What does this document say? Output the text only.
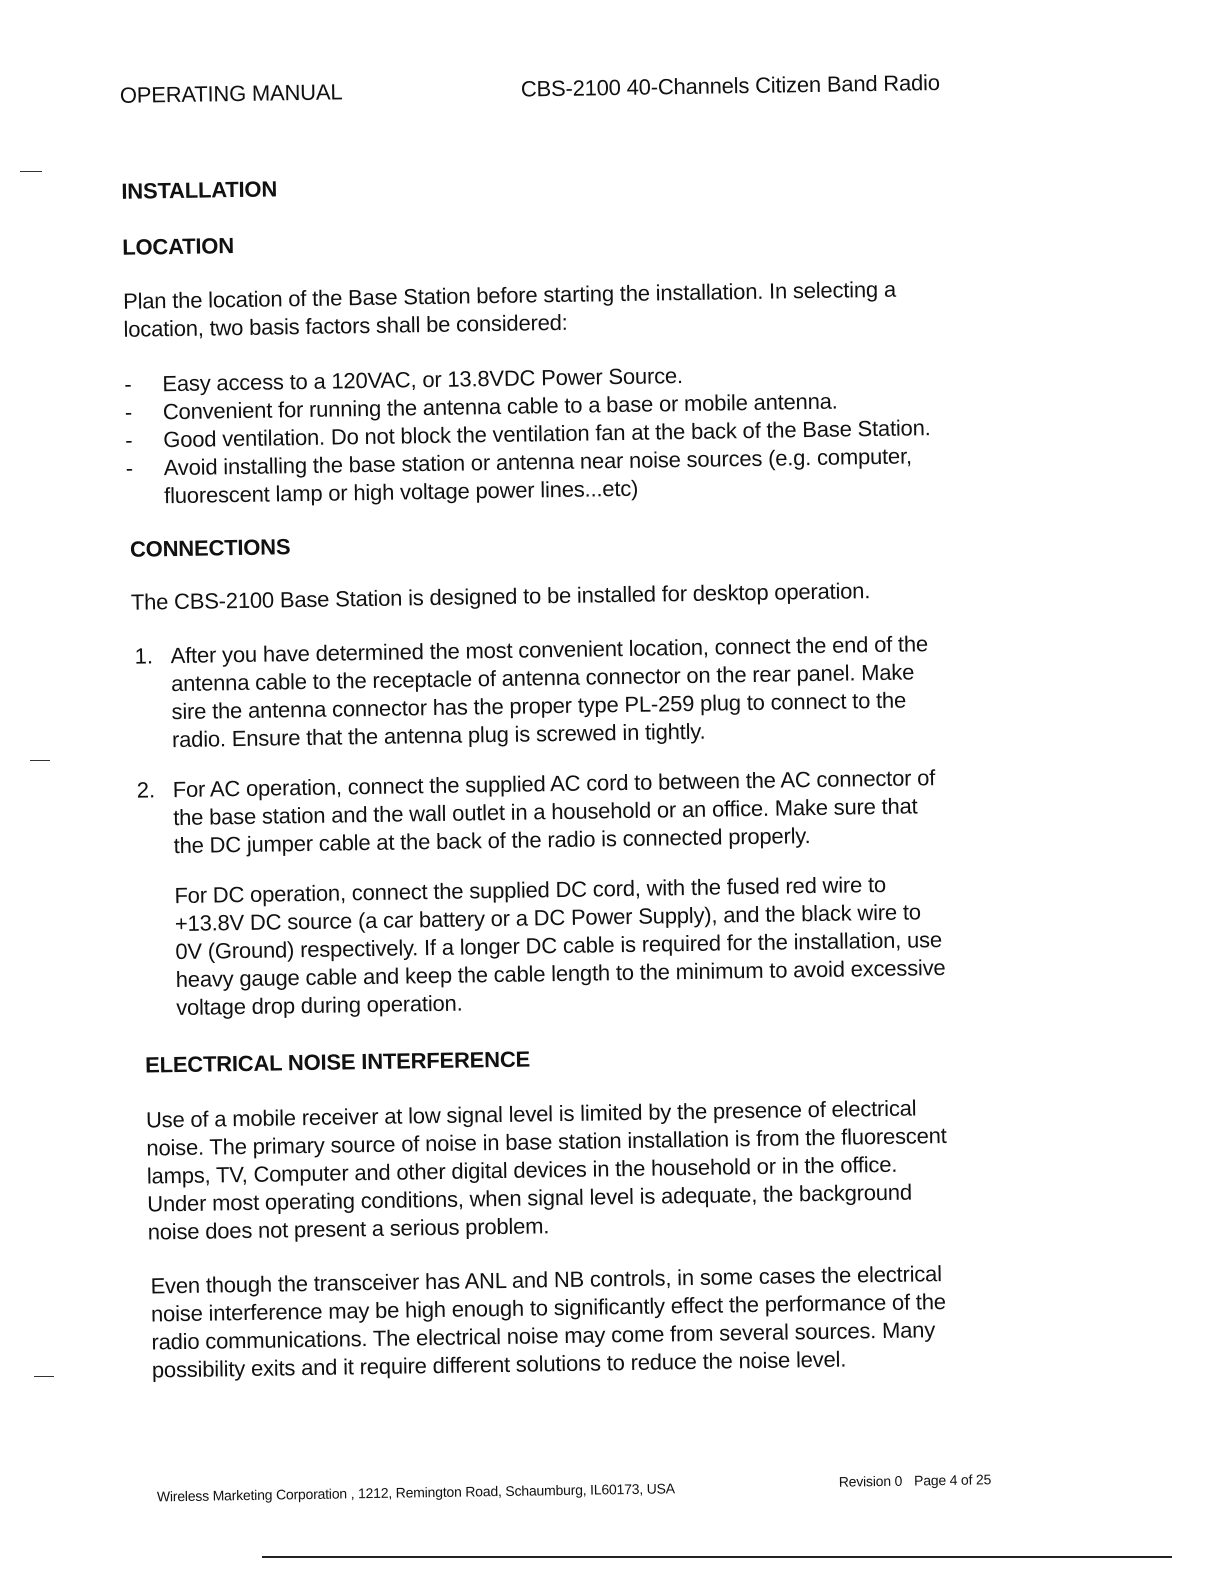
OPERATING MANUAL	CBS-2100 40-Channels Citizen Band Radio
INSTALLATION
LOCATION
Plan the location of the Base Station before starting the installation. In selecting a
location, two basis factors shall be considered:
-	Easy access to a 120VAC, or 13.8VDC Power Source.
-	Convenient for running the antenna cable to a base or mobile antenna.
-	Good ventilation. Do not block the ventilation fan at the back of the Base Station.
-	Avoid installing the base station or antenna near noise sources (e.g. computer,
fluorescent lamp or high voltage power lines...etc)
CONNECTIONS
The CBS-2100 Base Station is designed to be installed for desktop operation.
1. After you have determined the most convenient location, connect the end of the
antenna cable to the receptacle of antenna connector on the rear panel. Make
sire the antenna connector has the proper type PL-259 plug to connect to the
radio. Ensure that the antenna plug is screwed in tightly.
2. For AC operation, connect the supplied AC cord to between the AC connector of
the base station and the wall outlet in a household or an office. Make sure that
the DC jumper cable at the back of the radio is connected properly.
For DC operation, connect the supplied DC cord, with the fused red wire to
+13.8V DC source (a car battery or a DC Power Supply), and the black wire to
0V (Ground) respectively. If a longer DC cable is required for the installation, use
heavy gauge cable and keep the cable length to the minimum to avoid excessive
voltage drop during operation.
ELECTRICAL NOISE INTERFERENCE
Use of a mobile receiver at low signal level is limited by the presence of electrical
noise. The primary source of noise in base station installation is from the fluorescent
lamps, TV, Computer and other digital devices in the household or in the office.
Under most operating conditions, when signal level is adequate, the background
noise does not present a serious problem.
Even though the transceiver has ANL and NB controls, in some cases the electrical
noise interference may be high enough to significantly effect the performance of the
radio communications. The electrical noise may come from several sources. Many
possibility exits and it require different solutions to reduce the noise level.
Wireless Marketing Corporation , 1212, Remington Road, Schaumburg, IL60173, USA	Revision 0 Page 4 of 25
